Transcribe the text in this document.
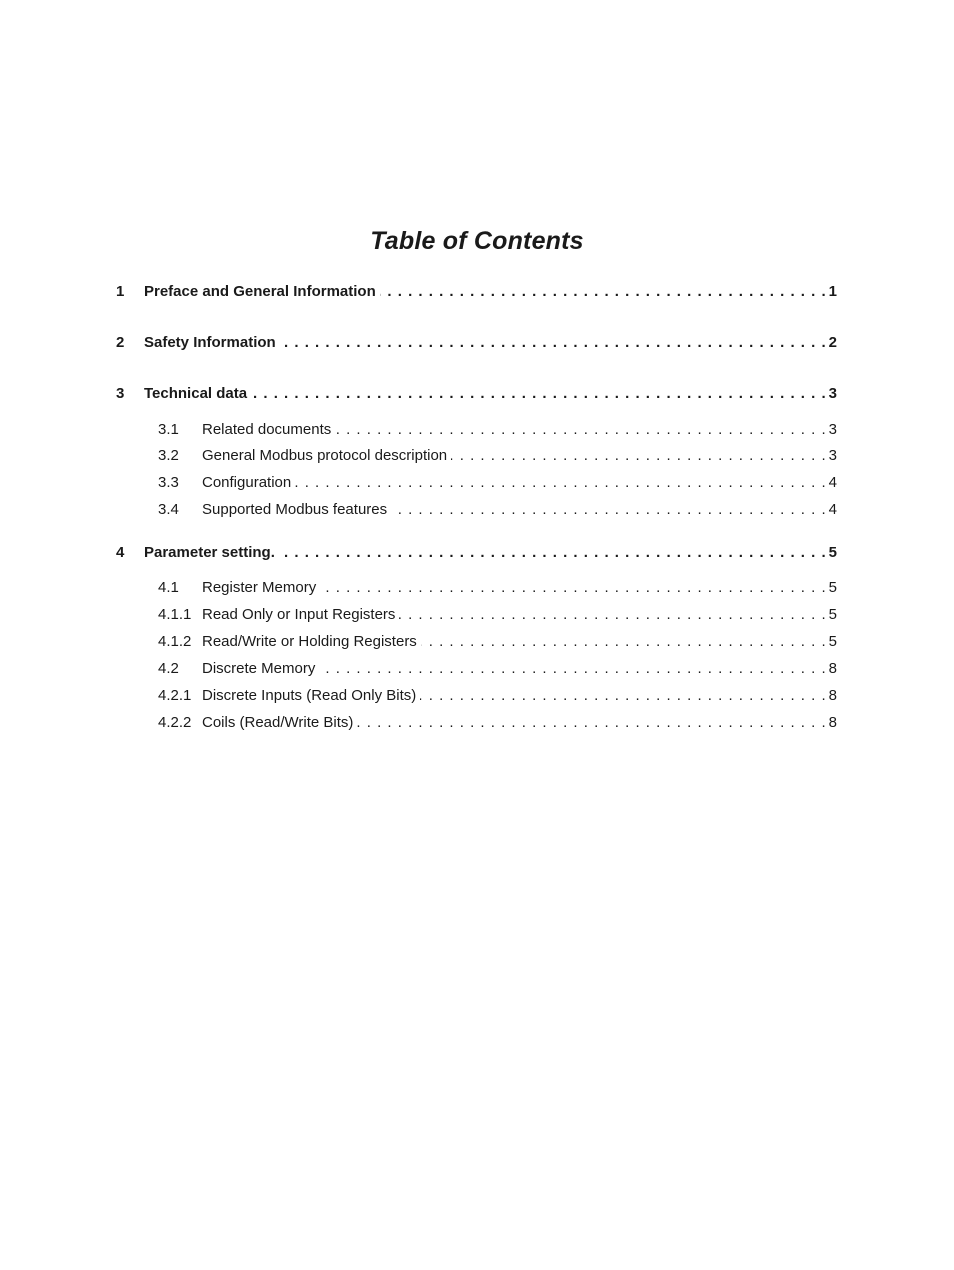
Table of Contents
1 Preface and General Information . . .	1
2 Safety Information . . .	2
3 Technical data . . .	3
3.1 Related documents . . .	3
3.2 General Modbus protocol description . . .	3
3.3 Configuration . . .	4
3.4 Supported Modbus features . . .	4
4 Parameter setting. . . .	5
4.1 Register Memory . . .	5
4.1.1 Read Only or Input Registers . . .	5
4.1.2 Read/Write or Holding Registers . . .	5
4.2 Discrete Memory . . .	8
4.2.1 Discrete Inputs (Read Only Bits) . . .	8
4.2.2 Coils (Read/Write Bits) . . .	8
